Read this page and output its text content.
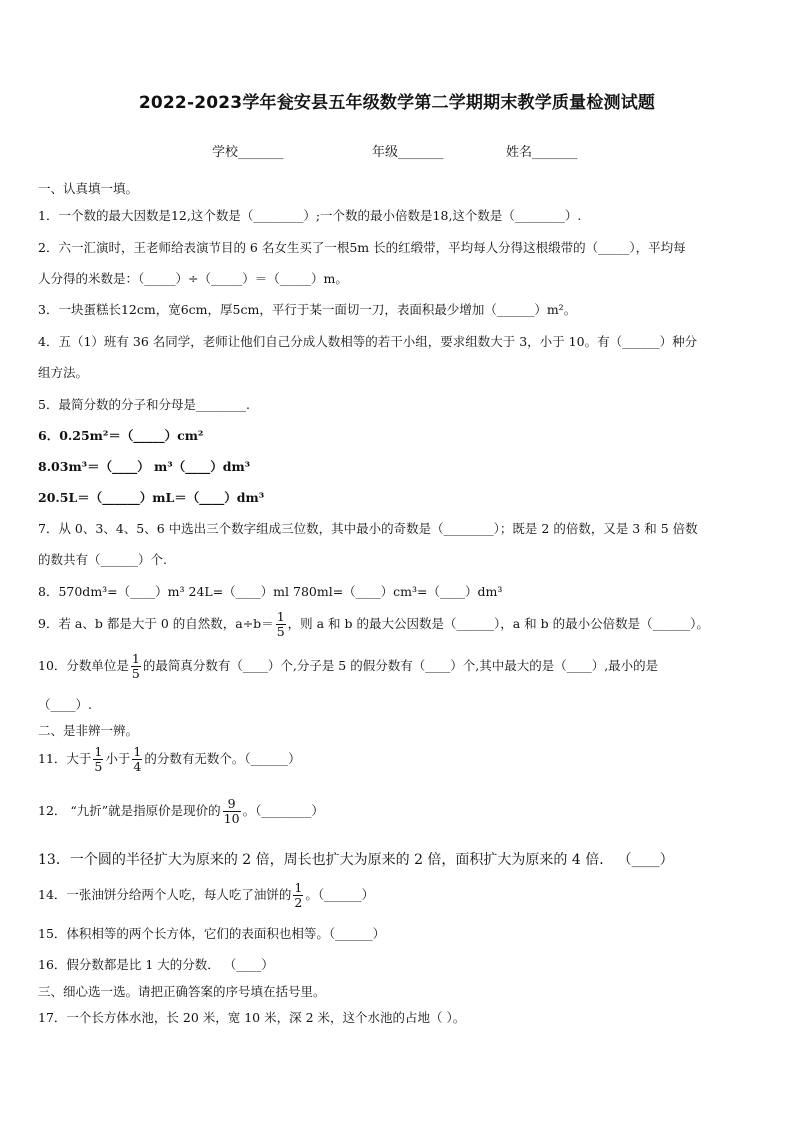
2022-2023学年瓮安县五年级数学第二学期期末教学质量检测试题
学校_______	年级_______	姓名_______
一、认真填一填。
1．一个数的最大因数是12,这个数是（________）;一个数的最小倍数是18,这个数是（________）.
2．六一汇演时，王老师给表演节目的 6 名女生买了一根5m 长的红缎带，平均每人分得这根缎带的（_____），平均每
人分得的米数是：（_____）÷（_____）＝（_____）m。
3．一块蛋糕长12cm，宽6cm，厚5cm，平行于某一面切一刀，表面积最少增加（______）m²。
4．五（1）班有 36 名同学，老师让他们自己分成人数相等的若干小组，要求组数大于 3，小于 10。有（______）种分
组方法。
5．最简分数的分子和分母是________.
6．0.25m²＝（_____）cm²
8.03m³＝（____） m³（____）dm³
20.5L＝（______）mL＝（____）dm³
7．从 0、3、4、5、6 中选出三个数字组成三位数，其中最小的奇数是（________）；既是 2 的倍数，又是 3 和 5 倍数
的数共有（______）个.
8．570dm³=（____）m³ 24L=（____）ml 780ml=（____）cm³=（____）dm³
9．若 a、b 都是大于 0 的自然数，$a\div b= \frac{1}{5}$ ，则 a 和 b 的最大公因数是（______），a 和 b 的最小公倍数是（______）。
10．分数单位是 $\frac{1}{5}$ 的最简真分数有（____）个,分子是 5 的假分数有（____）个,其中最大的是（____）,最小的是
（____）.
二、是非辨一辨。
11．大于 $\frac{1}{5}$ 小于 $\frac{1}{4}$ 的分数有无数个。（______）
12． “九折”就是指原价是现价的 $\frac{9}{10}$ 。（________）
13．一个圆的半径扩大为原来的 2 倍，周长也扩大为原来的 2 倍，面积扩大为原来的 4 倍． （____）
14．一张油饼分给两个人吃，每人吃了油饼的 $\frac{1}{2}$ 。（______）
15．体积相等的两个长方体，它们的表面积也相等。（______）
16．假分数都是比 1 大的分数． （____）
三、细心选一选。请把正确答案的序号填在括号里。
17．一个长方体水池，长 20 米，宽 10 米，深 2 米，这个水池的占地（ ）。
